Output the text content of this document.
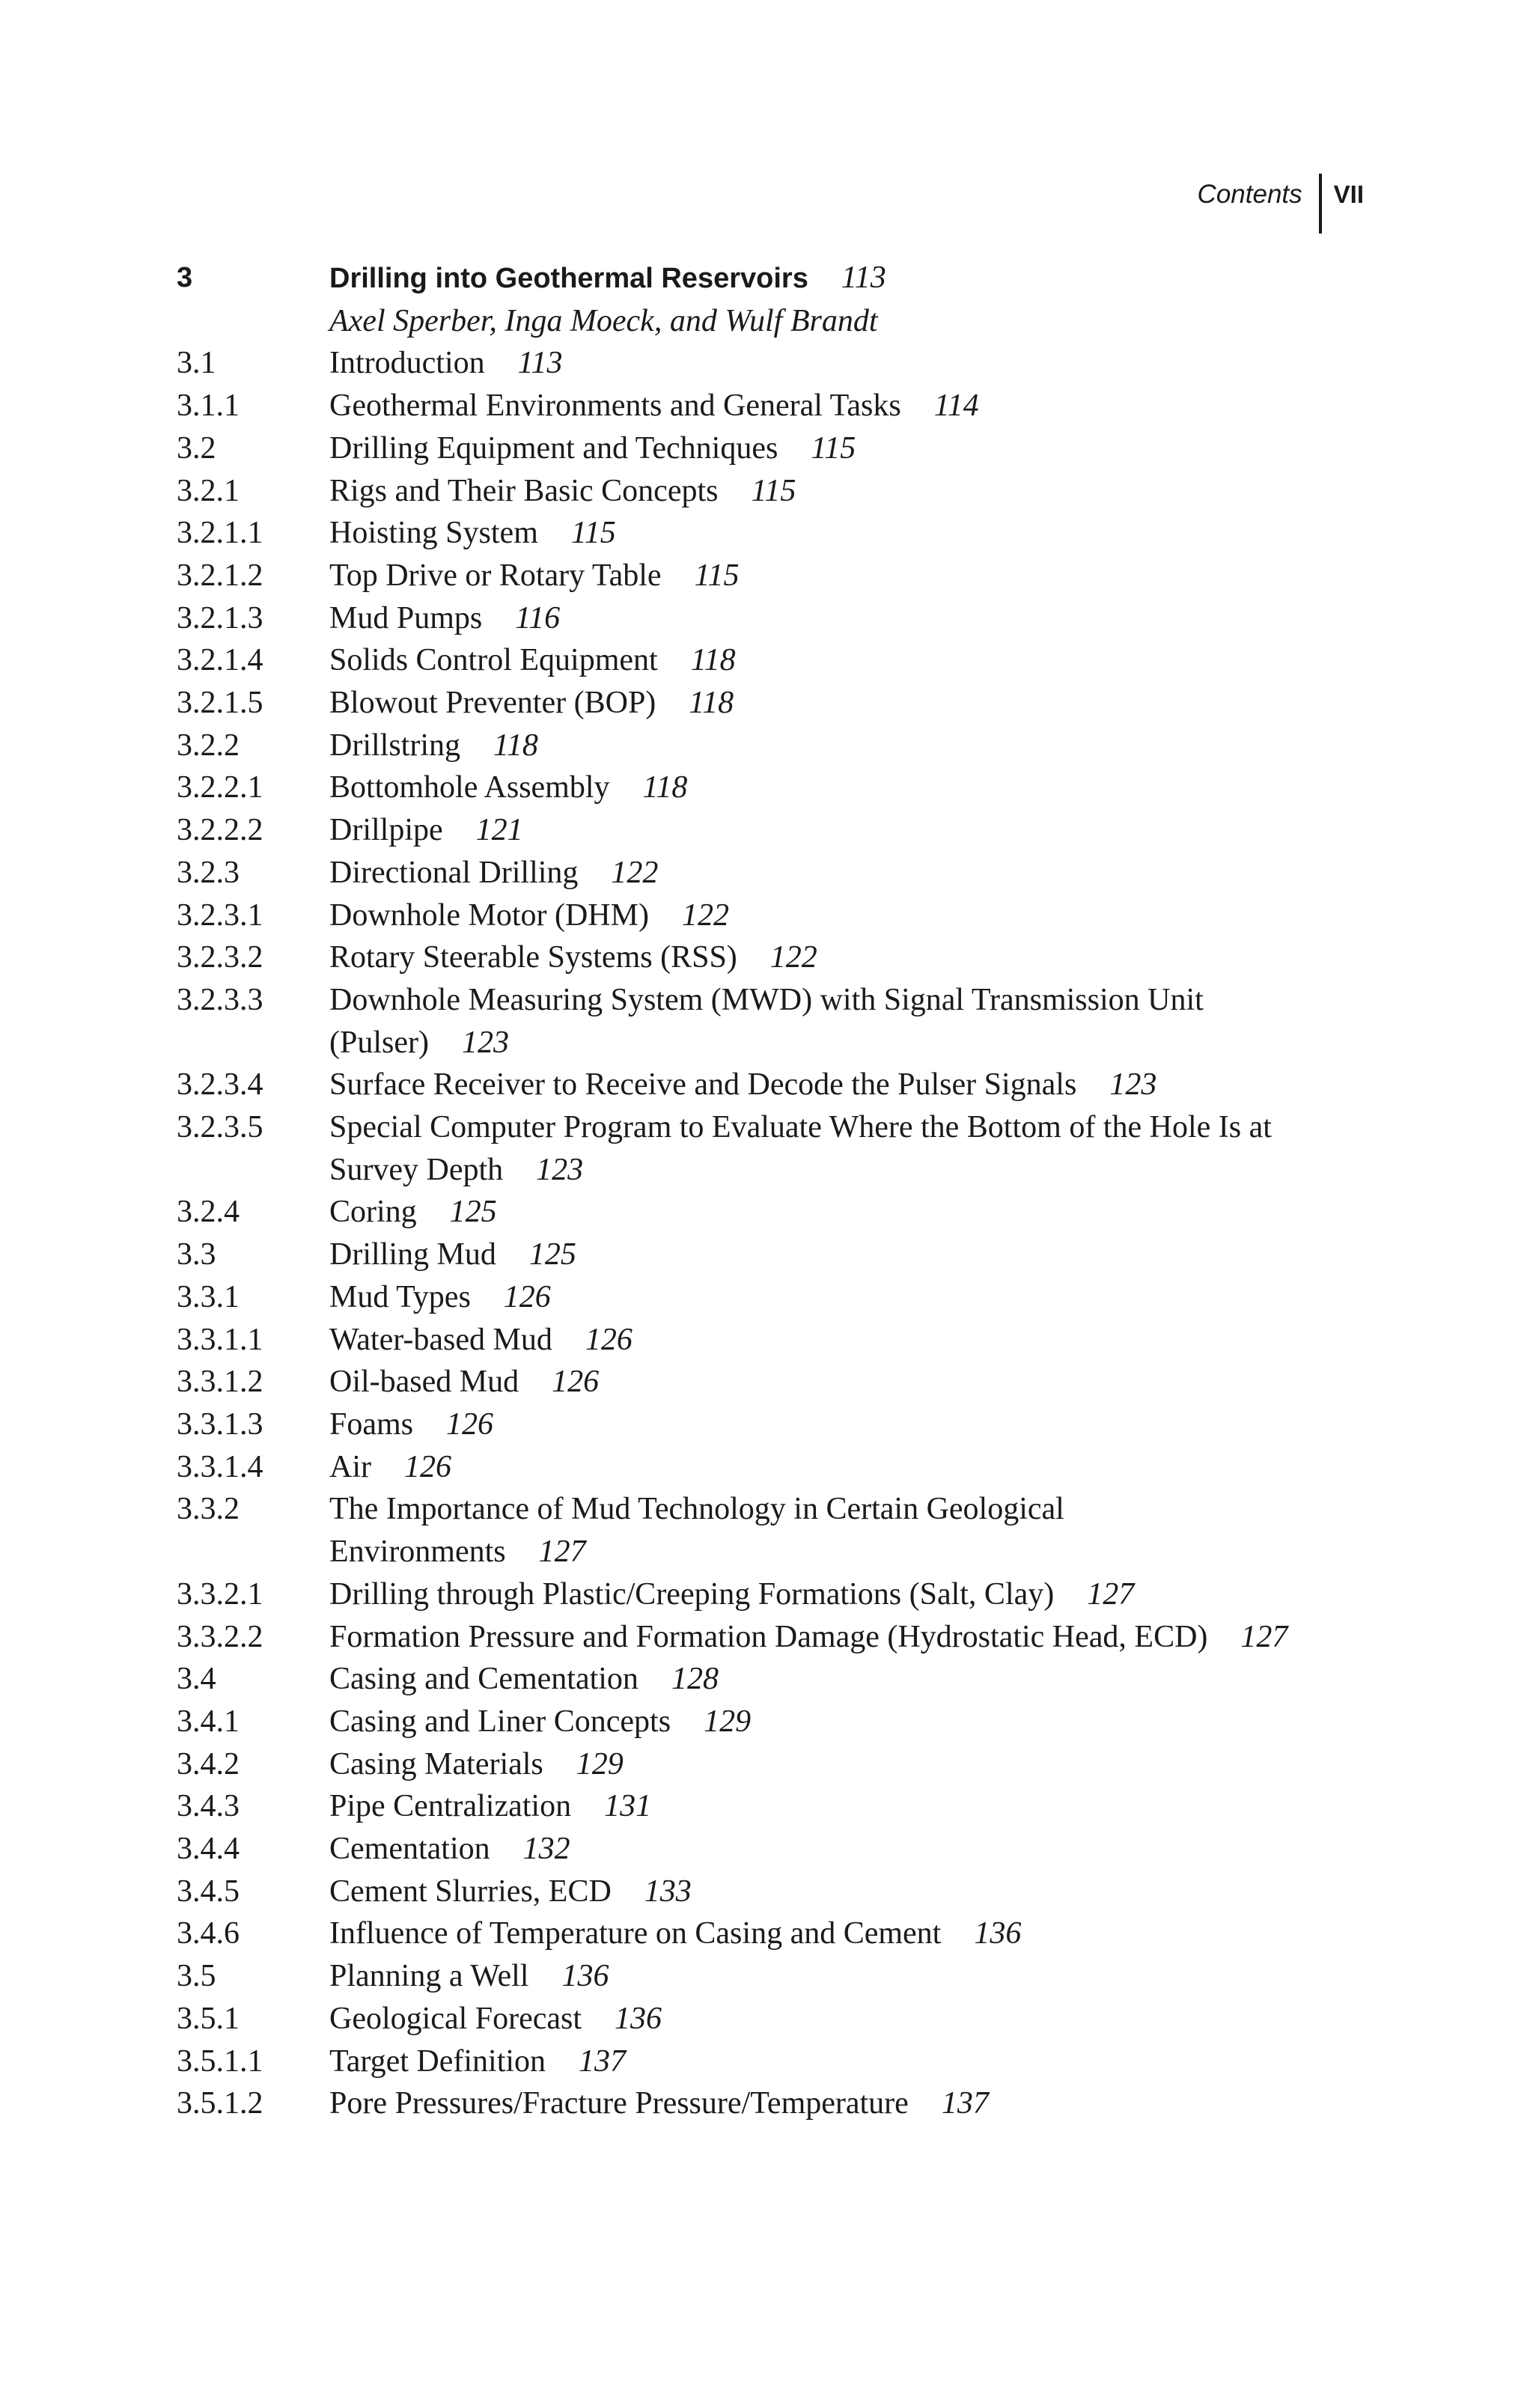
Contents	VII
3	Drilling into Geothermal Reservoirs 113
Axel Sperber, Inga Moeck, and Wulf Brandt
3.1	Introduction 113
3.1.1	Geothermal Environments and General Tasks 114
3.2	Drilling Equipment and Techniques 115
3.2.1	Rigs and Their Basic Concepts 115
3.2.1.1	Hoisting System 115
3.2.1.2	Top Drive or Rotary Table 115
3.2.1.3	Mud Pumps 116
3.2.1.4	Solids Control Equipment 118
3.2.1.5	Blowout Preventer (BOP) 118
3.2.2	Drillstring 118
3.2.2.1	Bottomhole Assembly 118
3.2.2.2	Drillpipe 121
3.2.3	Directional Drilling 122
3.2.3.1	Downhole Motor (DHM) 122
3.2.3.2	Rotary Steerable Systems (RSS) 122
3.2.3.3	Downhole Measuring System (MWD) with Signal Transmission Unit (Pulser) 123
3.2.3.4	Surface Receiver to Receive and Decode the Pulser Signals 123
3.2.3.5	Special Computer Program to Evaluate Where the Bottom of the Hole Is at Survey Depth 123
3.2.4	Coring 125
3.3	Drilling Mud 125
3.3.1	Mud Types 126
3.3.1.1	Water-based Mud 126
3.3.1.2	Oil-based Mud 126
3.3.1.3	Foams 126
3.3.1.4	Air 126
3.3.2	The Importance of Mud Technology in Certain Geological Environments 127
3.3.2.1	Drilling through Plastic/Creeping Formations (Salt, Clay) 127
3.3.2.2	Formation Pressure and Formation Damage (Hydrostatic Head, ECD) 127
3.4	Casing and Cementation 128
3.4.1	Casing and Liner Concepts 129
3.4.2	Casing Materials 129
3.4.3	Pipe Centralization 131
3.4.4	Cementation 132
3.4.5	Cement Slurries, ECD 133
3.4.6	Influence of Temperature on Casing and Cement 136
3.5	Planning a Well 136
3.5.1	Geological Forecast 136
3.5.1.1	Target Definition 137
3.5.1.2	Pore Pressures/Fracture Pressure/Temperature 137
